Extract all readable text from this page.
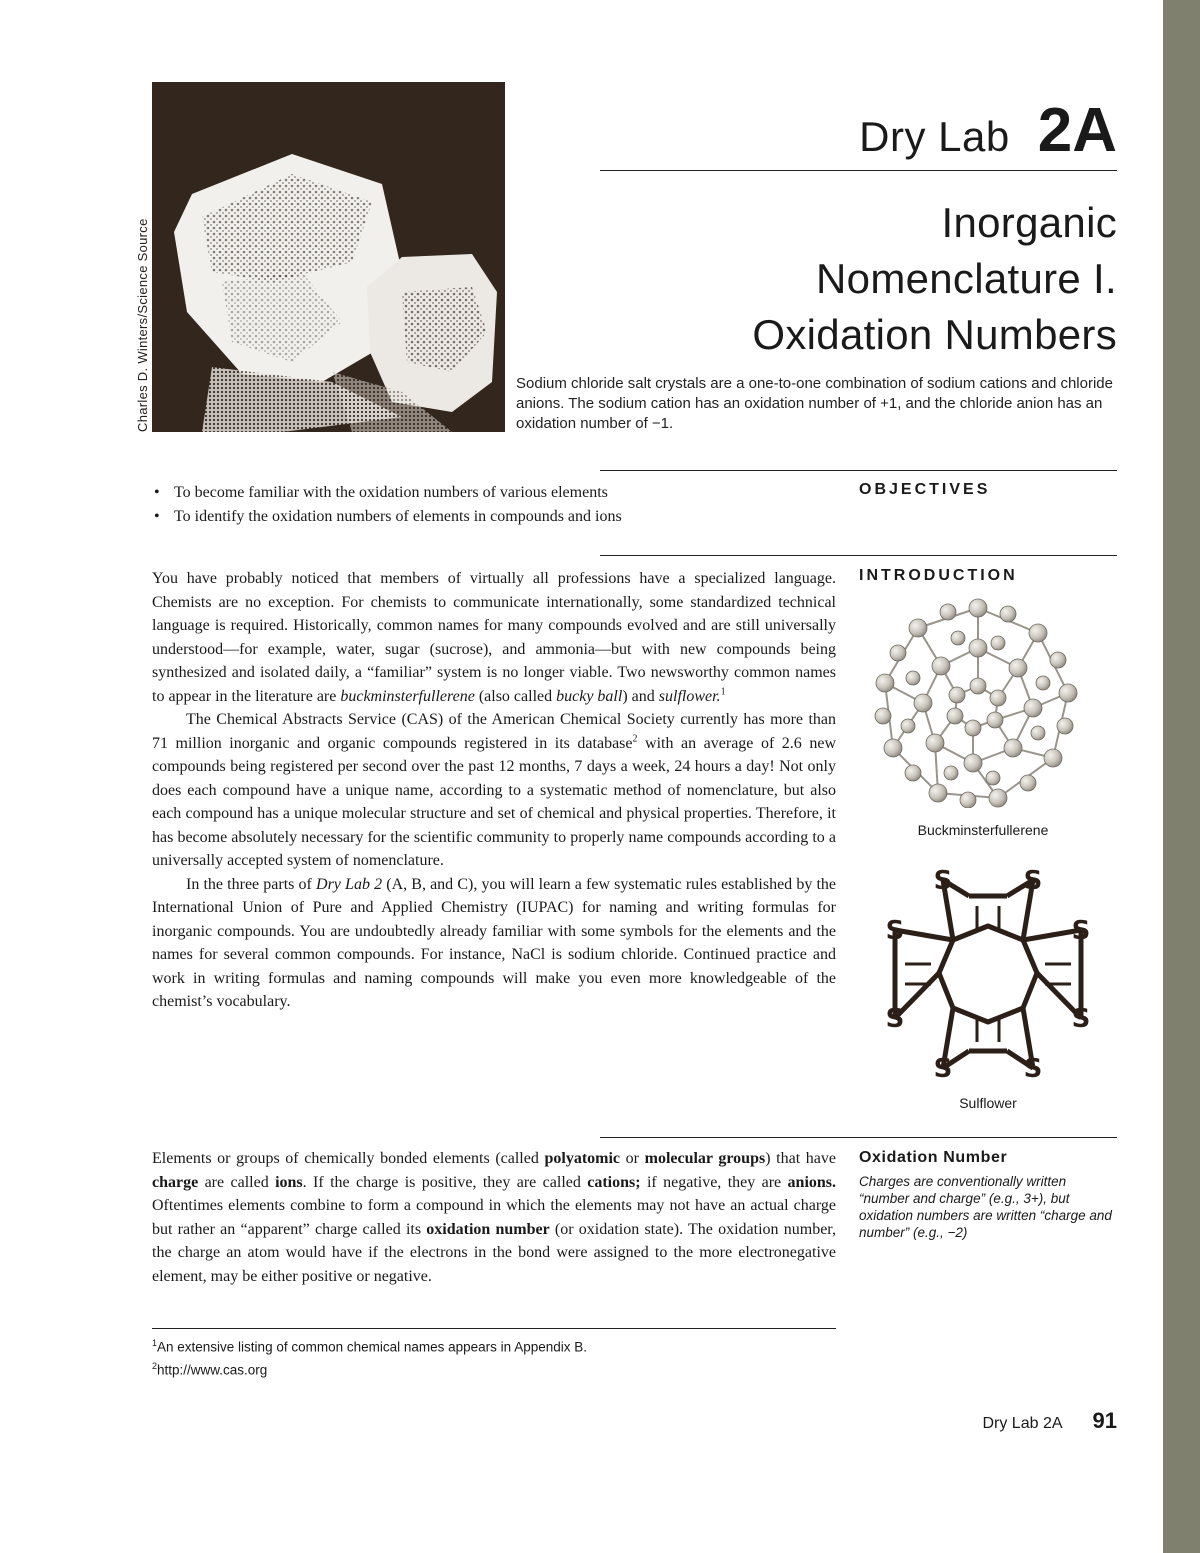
Charles D. Winters/Science Source
Dry Lab 2A
Inorganic
Nomenclature I.
Oxidation Numbers
Sodium chloride salt crystals are a one-to-one combination of sodium cations and chloride anions. The sodium cation has an oxidation number of +1, and the chloride anion has an oxidation number of −1.
OBJECTIVES
• To become familiar with the oxidation numbers of various elements
• To identify the oxidation numbers of elements in compounds and ions
INTRODUCTION

You have probably noticed that members of virtually all professions have a specialized language. Chemists are no exception. For chemists to communicate internationally, some standardized technical language is required. Historically, common names for many compounds evolved and are still universally understood—for example, water, sugar (sucrose), and ammonia—but with new compounds being synthesized and isolated daily, a “familiar” system is no longer viable. Two newsworthy common names to appear in the literature are buckminsterfullerene (also called bucky ball) and sulflower.$^1$

The Chemical Abstracts Service (CAS) of the American Chemical Society currently has more than 71 million inorganic and organic compounds registered in its database$^2$ with an average of 2.6 new compounds being registered per second over the past 12 months, 7 days a week, 24 hours a day! Not only does each compound have a unique name, according to a systematic method of nomenclature, but also each compound has a unique molecular structure and set of chemical and physical properties. Therefore, it has become absolutely necessary for the scientific community to properly name compounds according to a universally accepted system of nomenclature.

In the three parts of Dry Lab 2 (A, B, and C), you will learn a few systematic rules established by the International Union of Pure and Applied Chemistry (IUPAC) for naming and writing formulas for inorganic compounds. You are undoubtedly already familiar with some symbols for the elements and the names for several common compounds. For instance, NaCl is sodium chloride. Continued practice and work in writing formulas and naming compounds will make you even more knowledgeable of the chemist’s vocabulary.

Buckminsterfullerene
S	S
S
S
S
S
S
S
Sulflower
Oxidation Number
Charges are conventionally written “number and charge” (e.g., 3+), but oxidation numbers are written “charge and number” (e.g., −2)

Elements or groups of chemically bonded elements (called polyatomic or molecular groups) that have charge are called ions. If the charge is positive, they are called cations; if negative, they are anions. Oftentimes elements combine to form a compound in which the elements may not have an actual charge but rather an “apparent” charge called its oxidation number (or oxidation state). The oxidation number, the charge an atom would have if the electrons in the bond were assigned to the more electronegative element, may be either positive or negative.

$^1$An extensive listing of common chemical names appears in Appendix B.
$^2$http://www.cas.org
Dry Lab 2A 91
